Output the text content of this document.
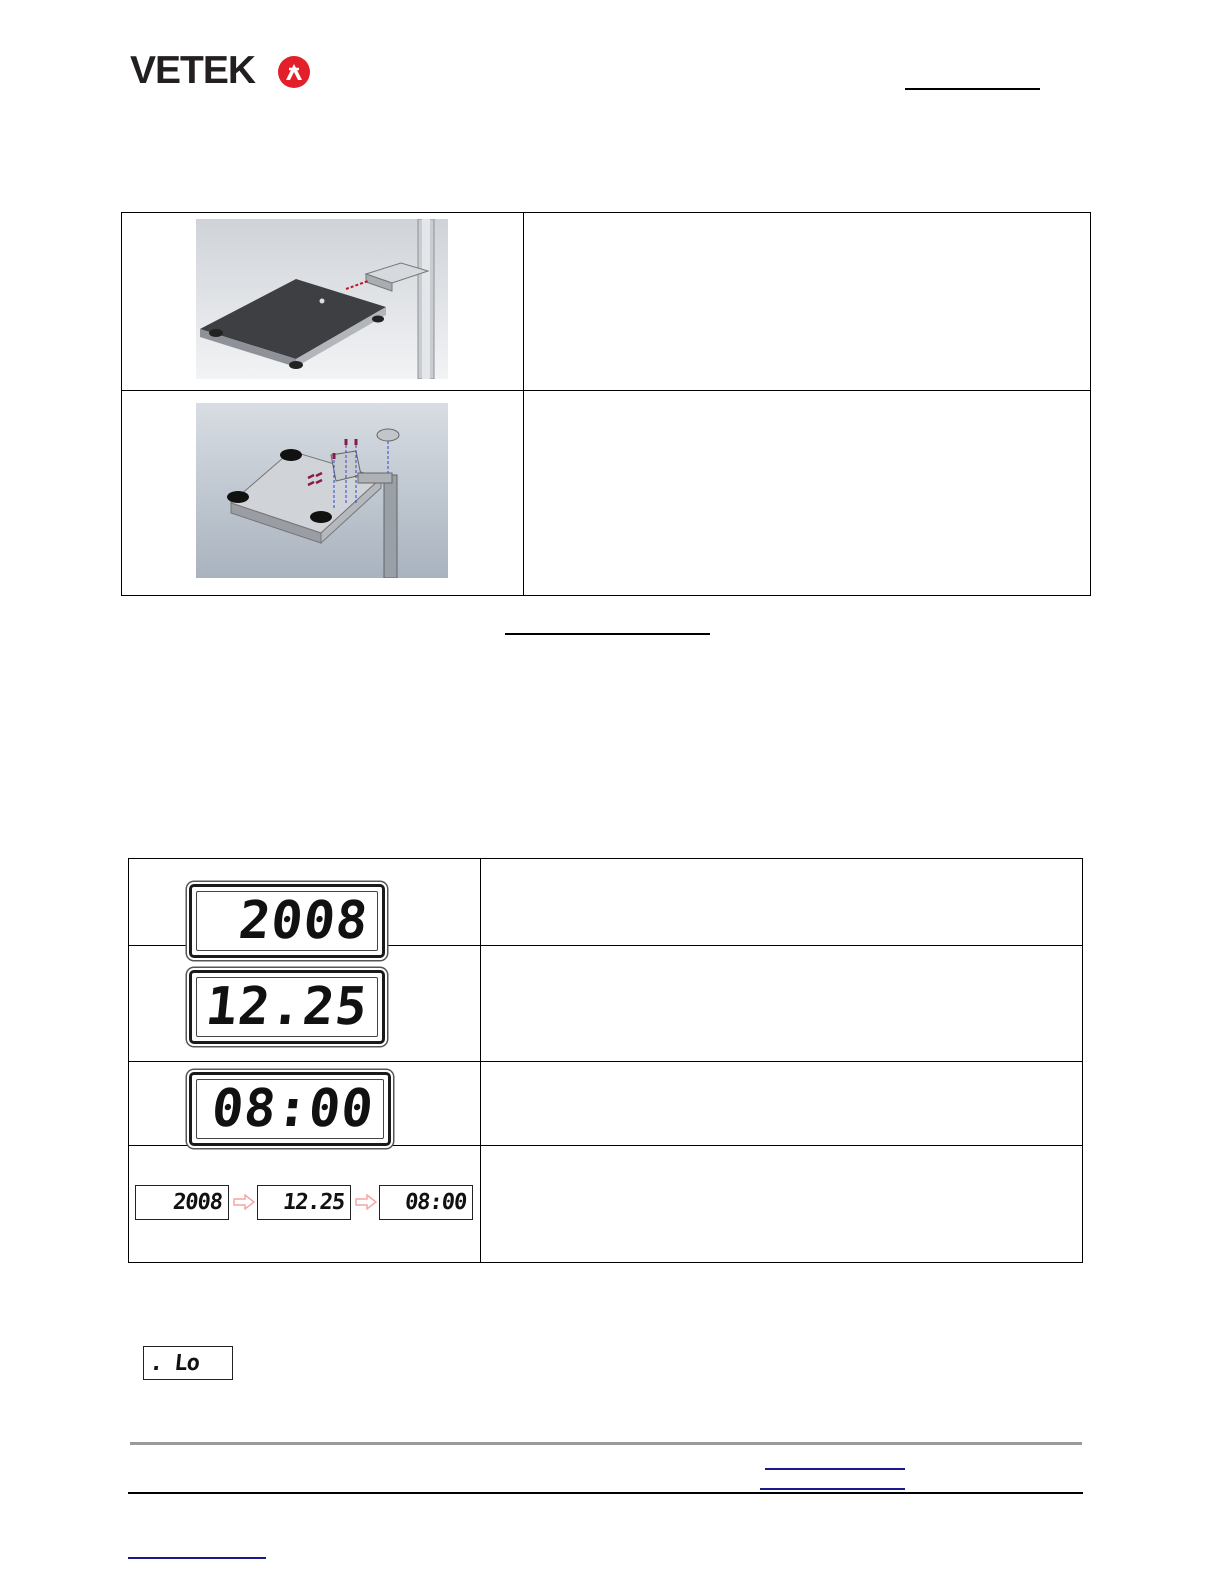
VETEK

2008	

12.25	

08:00	

2008 12.25 08:00	

. Lo
